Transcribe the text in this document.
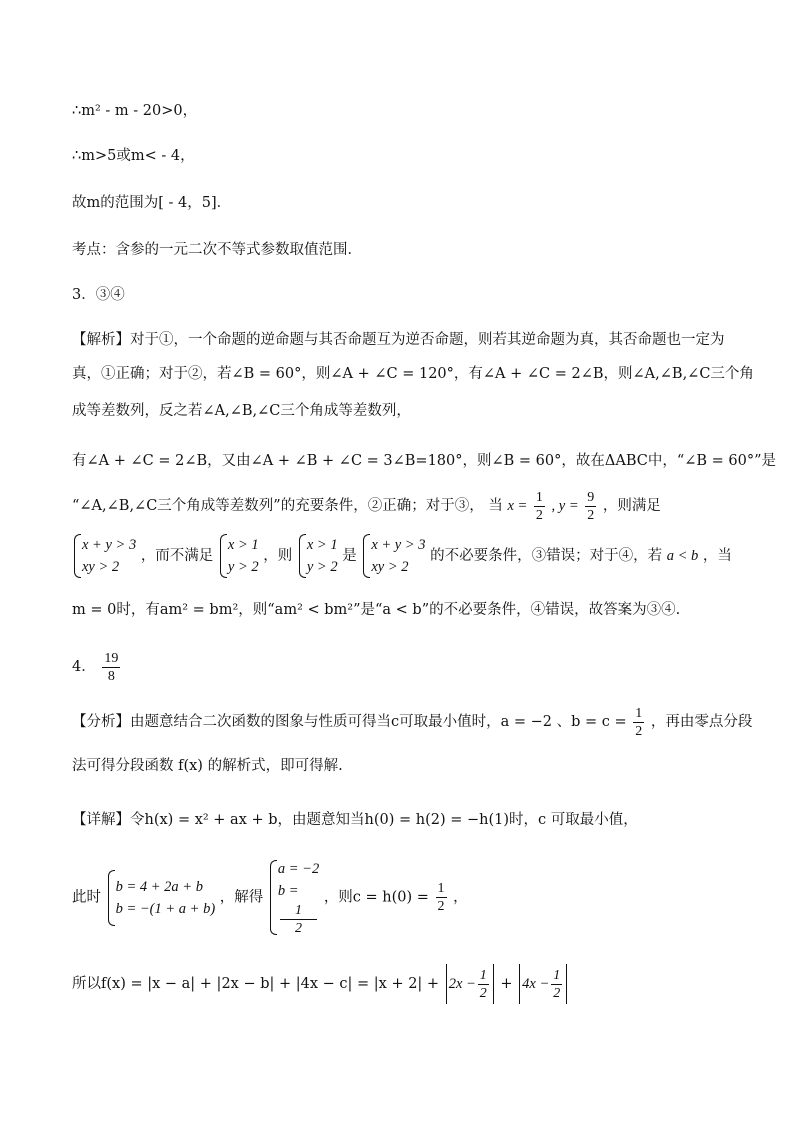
∴m² - m - 20>0，
∴m>5或m< - 4，
故m的范围为[ - 4，5]．
考点：含参的一元二次不等式参数取值范围．
3．③④
【解析】对于①，一个命题的逆命题与其否命题互为逆否命题，则若其逆命题为真，其否命题也一定为
真，①正确；对于②，若∠B = 60°，则∠A + ∠C = 120°，有∠A + ∠C = 2∠B，则∠A,∠B,∠C三个角
成等差数列，反之若∠A,∠B,∠C三个角成等差数列，
有∠A + ∠C = 2∠B，又由∠A + ∠B + ∠C = 3∠B=180°，则∠B = 60°，故在ΔABC中，“∠B = 60°”是
“∠A,∠B,∠C三个角成等差数列”的充要条件，②正确；对于③， 当 $x = \frac{1}{2}$ , $y = \frac{9}{2}$ ，则满足
x + y > 3
xy > 2
，而不满足
x > 1
y > 2
，则
x > 1
y > 2
是
x + y > 3
xy > 2
的不必要条件，③错误；对于④，若 a < b ，当
m = 0时，有am² = bm²，则“am² < bm²”是“a < b”的不必要条件，④错误，故答案为③④.
4． $\frac{19}{8}$
【分析】由题意结合二次函数的图象与性质可得当c可取最小值时，a = −2 、$b = c = \frac{1}{2}$ ，再由零点分段
法可得分段函数 f(x) 的解析式，即可得解.
【详解】令h(x) = x² + ax + b，由题意知当h(0) = h(2) = −h(1)时，c 可取最小值，
此时
b = 4 + 2a + b
b = −(1 + a + b)
，解得
a = −2
b =
1
2
，则$c = h(0) = \frac{1}{2}$ ，
所以$f(x) = |x - a| + |2x - b| + |4x - c| = |x + 2| + 2x - \frac{1}{2} + 4x - \frac{1}{2}$
